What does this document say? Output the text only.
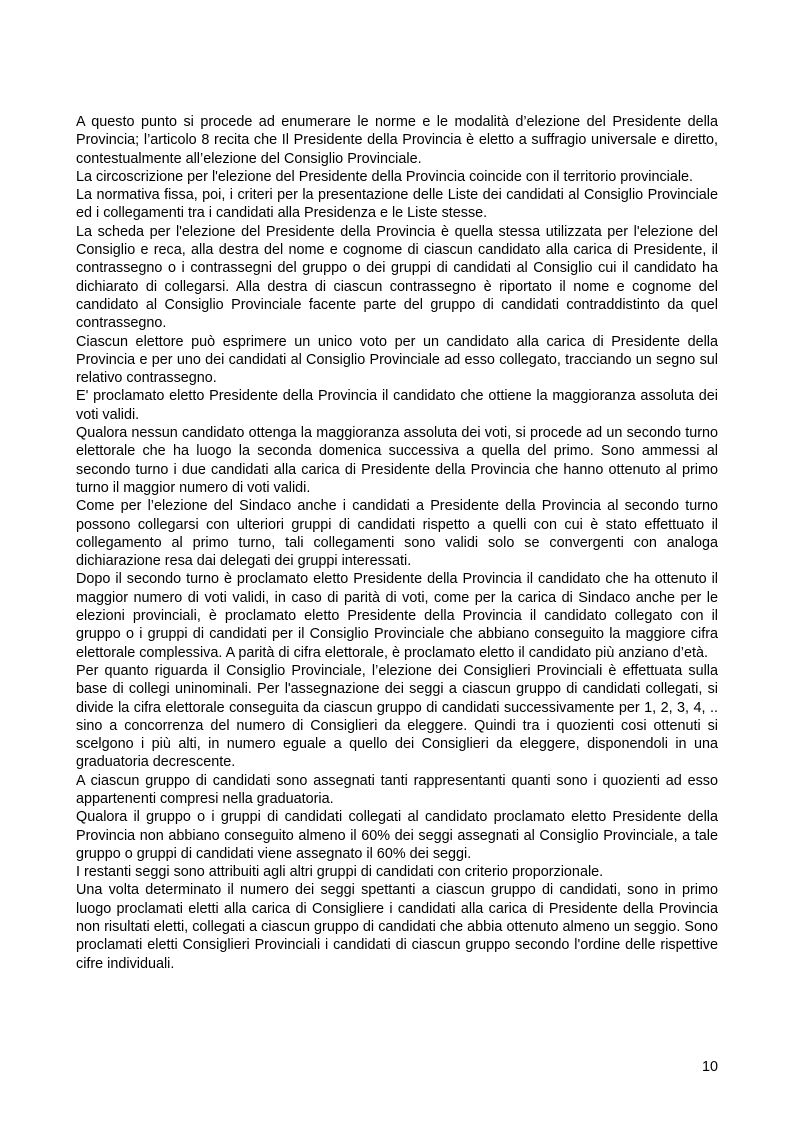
A questo punto si procede ad enumerare le norme e le modalità d’elezione del Presidente della Provincia; l’articolo 8 recita che Il Presidente della Provincia è eletto a suffragio universale e diretto, contestualmente all’elezione del Consiglio Provinciale.

La circoscrizione per l'elezione del Presidente della Provincia coincide con il territorio provinciale.

La normativa fissa, poi, i criteri per la presentazione delle Liste dei candidati al Consiglio Provinciale ed i collegamenti tra i candidati alla Presidenza e le Liste stesse.

La scheda per l'elezione del Presidente della Provincia è quella stessa utilizzata per l'elezione del Consiglio e reca, alla destra del nome e cognome di ciascun candidato alla carica di Presidente, il contrassegno o i contrassegni del gruppo o dei gruppi di candidati al Consiglio cui il candidato ha dichiarato di collegarsi. Alla destra di ciascun contrassegno è riportato il nome e cognome del candidato al Consiglio Provinciale facente parte del gruppo di candidati contraddistinto da quel contrassegno.

Ciascun elettore può esprimere un unico voto per un candidato alla carica di Presidente della Provincia e per uno dei candidati al Consiglio Provinciale ad esso collegato, tracciando un segno sul relativo contrassegno.

E' proclamato eletto Presidente della Provincia il candidato che ottiene la maggioranza assoluta dei voti validi.

Qualora nessun candidato ottenga la maggioranza assoluta dei voti, si procede ad un secondo turno elettorale che ha luogo la seconda domenica successiva a quella del primo. Sono ammessi al secondo turno i due candidati alla carica di Presidente della Provincia che hanno ottenuto al primo turno il maggior numero di voti validi.

Come per l’elezione del Sindaco anche i candidati a Presidente della Provincia al secondo turno possono collegarsi con ulteriori gruppi di candidati rispetto a quelli con cui è stato effettuato il collegamento al primo turno, tali collegamenti sono validi solo se convergenti con analoga dichiarazione resa dai delegati dei gruppi interessati.

Dopo il secondo turno è proclamato eletto Presidente della Provincia il candidato che ha ottenuto il maggior numero di voti validi, in caso di parità di voti, come per la carica di Sindaco anche per le elezioni provinciali, è proclamato eletto Presidente della Provincia il candidato collegato con il gruppo o i gruppi di candidati per il Consiglio Provinciale che abbiano conseguito la maggiore cifra elettorale complessiva. A parità di cifra elettorale, è proclamato eletto il candidato più anziano d’età.

Per quanto riguarda il Consiglio Provinciale, l’elezione dei Consiglieri Provinciali è effettuata sulla base di collegi uninominali. Per l'assegnazione dei seggi a ciascun gruppo di candidati collegati, si divide la cifra elettorale conseguita da ciascun gruppo di candidati successivamente per 1, 2, 3, 4, .. sino a concorrenza del numero di Consiglieri da eleggere. Quindi tra i quozienti cosi ottenuti si scelgono i più alti, in numero eguale a quello dei Consiglieri da eleggere, disponendoli in una graduatoria decrescente.

A ciascun gruppo di candidati sono assegnati tanti rappresentanti quanti sono i quozienti ad esso appartenenti compresi nella graduatoria.

Qualora il gruppo o i gruppi di candidati collegati al candidato proclamato eletto Presidente della Provincia non abbiano conseguito almeno il 60% dei seggi assegnati al Consiglio Provinciale, a tale gruppo o gruppi di candidati viene assegnato il 60% dei seggi.

I restanti seggi sono attribuiti agli altri gruppi di candidati con criterio proporzionale.

Una volta determinato il numero dei seggi spettanti a ciascun gruppo di candidati, sono in primo luogo proclamati eletti alla carica di Consigliere i candidati alla carica di Presidente della Provincia non risultati eletti, collegati a ciascun gruppo di candidati che abbia ottenuto almeno un seggio. Sono proclamati eletti Consiglieri Provinciali i candidati di ciascun gruppo secondo l'ordine delle rispettive cifre individuali.

10
